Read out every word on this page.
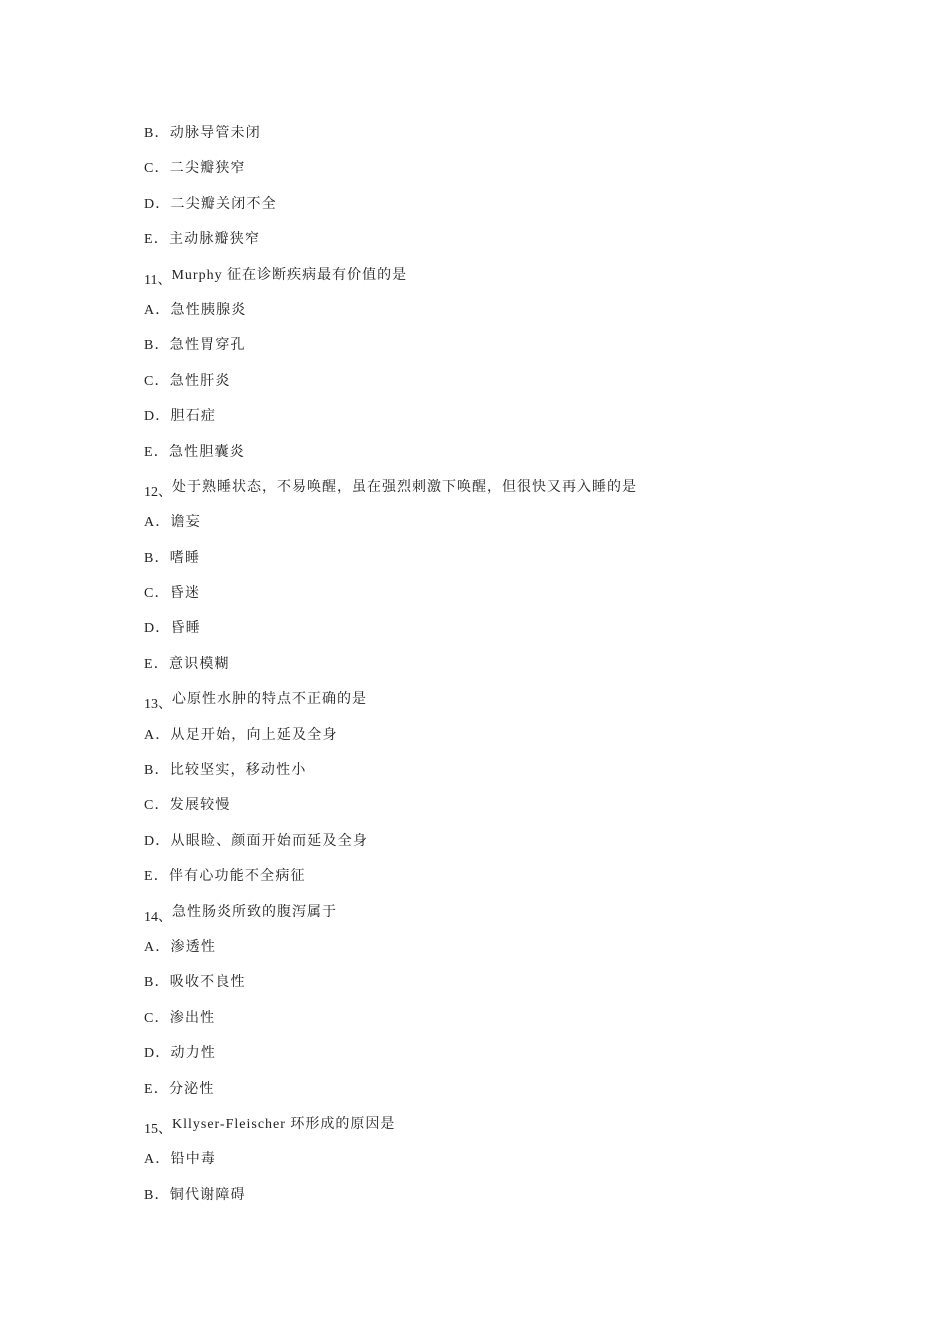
B．动脉导管未闭
C．二尖瓣狭窄
D．二尖瓣关闭不全
E．主动脉瓣狭窄
11、Murphy 征在诊断疾病最有价值的是
A．急性胰腺炎
B．急性胃穿孔
C．急性肝炎
D．胆石症
E．急性胆囊炎
12、处于熟睡状态，不易唤醒，虽在强烈刺激下唤醒，但很快又再入睡的是
A．谵妄
B．嗜睡
C．昏迷
D．昏睡
E．意识模糊
13、心原性水肿的特点不正确的是
A．从足开始，向上延及全身
B．比较坚实，移动性小
C．发展较慢
D．从眼睑、颜面开始而延及全身
E．伴有心功能不全病征
14、急性肠炎所致的腹泻属于
A．渗透性
B．吸收不良性
C．渗出性
D．动力性
E．分泌性
15、Kllyser-Fleischer 环形成的原因是
A．铅中毒
B．铜代谢障碍
